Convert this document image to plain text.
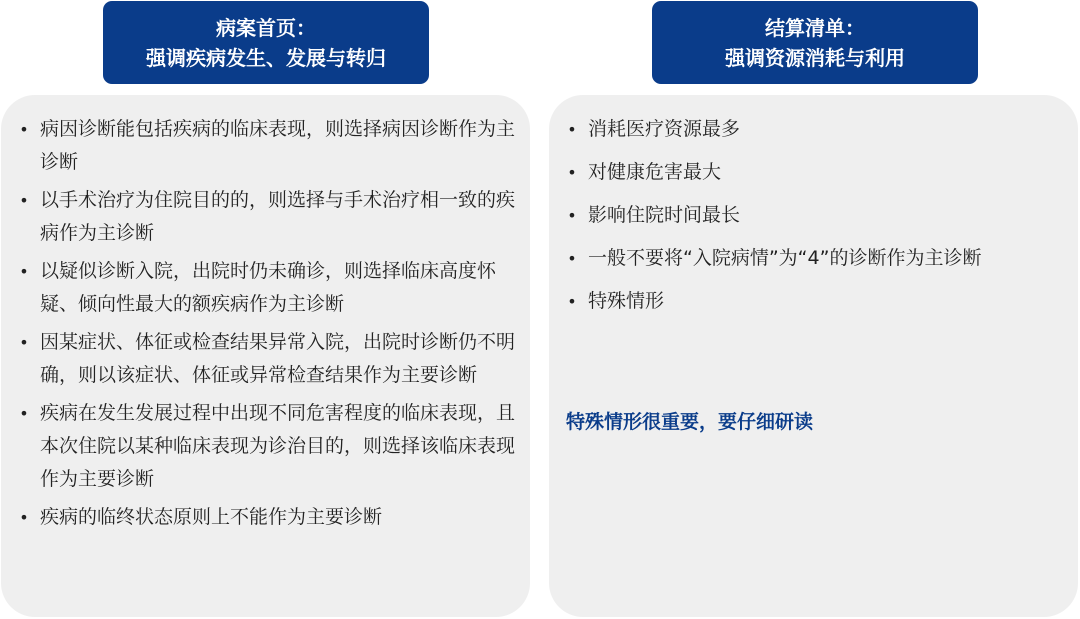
病案首页：
强调疾病发生、发展与转归
结算清单：
强调资源消耗与利用
• 病因诊断能包括疾病的临床表现，则选择病因诊断作为主诊断
• 以手术治疗为住院目的的，则选择与手术治疗相一致的疾病作为主诊断
• 以疑似诊断入院，出院时仍未确诊，则选择临床高度怀疑、倾向性最大的额疾病作为主诊断
• 因某症状、体征或检查结果异常入院，出院时诊断仍不明确，则以该症状、体征或异常检查结果作为主要诊断
• 疾病在发生发展过程中出现不同危害程度的临床表现，且本次住院以某种临床表现为诊治目的，则选择该临床表现作为主要诊断
• 疾病的临终状态原则上不能作为主要诊断
• 消耗医疗资源最多
• 对健康危害最大
• 影响住院时间最长
• 一般不要将“入院病情”为“4”的诊断作为主诊断
• 特殊情形
特殊情形很重要，要仔细研读
